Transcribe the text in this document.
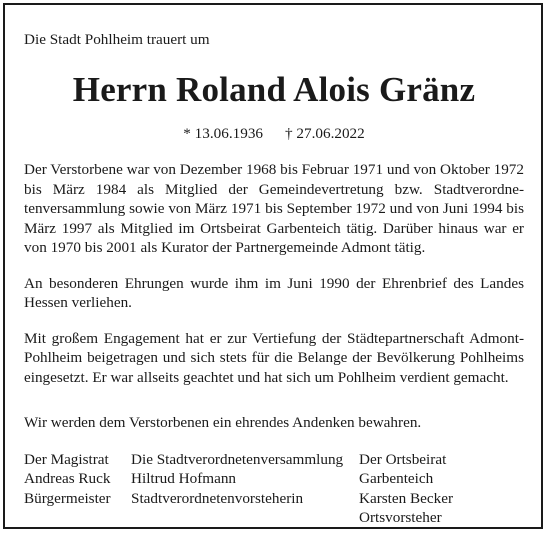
Die Stadt Pohlheim trauert um

Herrn Roland Alois Gränz
* 13.06.1936 † 27.06.2022

Der Verstorbene war von Dezember 1968 bis Februar 1971 und von Oktober 1972 bis März 1984 als Mitglied der Gemeindevertretung bzw. Stadtverordnetenversammlung sowie von März 1971 bis September 1972 und von Juni 1994 bis März 1997 als Mitglied im Ortsbeirat Garbenteich tätig. Darüber hinaus war er von 1970 bis 2001 als Kurator der Partnergemeinde Admont tätig.

An besonderen Ehrungen wurde ihm im Juni 1990 der Ehrenbrief des Landes Hessen verliehen.

Mit großem Engagement hat er zur Vertiefung der Städtepartnerschaft Admont-Pohlheim beigetragen und sich stets für die Belange der Bevölkerung Pohlheims eingesetzt. Er war allseits geachtet und hat sich um Pohlheim verdient gemacht.

Wir werden dem Verstorbenen ein ehrendes Andenken bewahren.

Der Magistrat
Andreas Ruck
Bürgermeister
Die Stadtverordnetenversammlung
Hiltrud Hofmann
Stadtverordnetenvorsteherin
Der Ortsbeirat Garbenteich
Karsten Becker
Ortsvorsteher
